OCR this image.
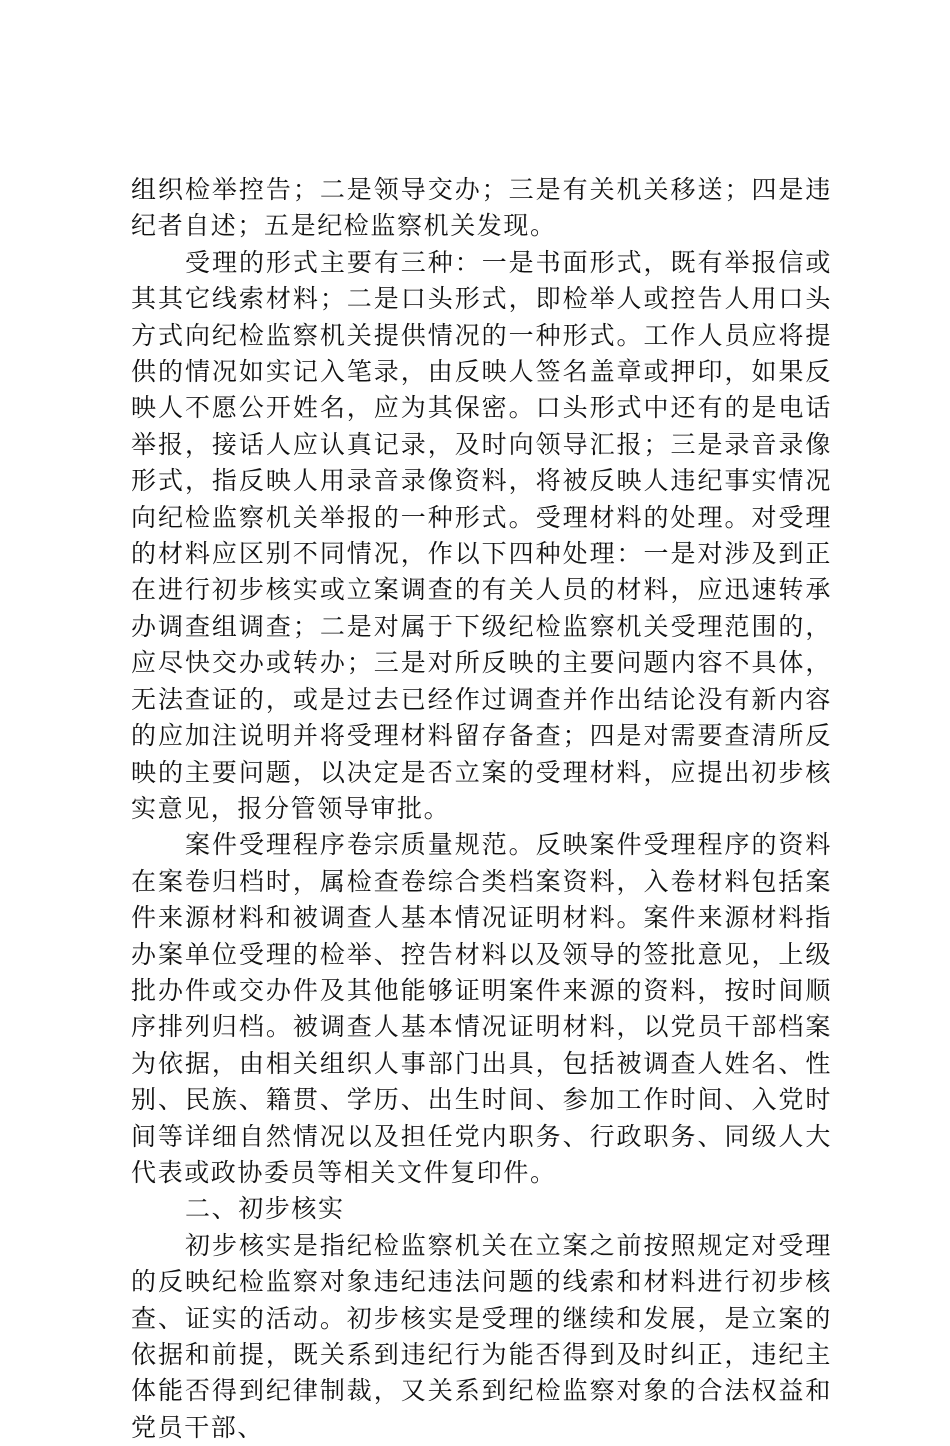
组织检举控告；二是领导交办；三是有关机关移送；四是违纪者自述；五是纪检监察机关发现。

受理的形式主要有三种：一是书面形式，既有举报信或其其它线索材料；二是口头形式，即检举人或控告人用口头方式向纪检监察机关提供情况的一种形式。工作人员应将提供的情况如实记入笔录，由反映人签名盖章或押印，如果反映人不愿公开姓名，应为其保密。口头形式中还有的是电话举报，接话人应认真记录，及时向领导汇报；三是录音录像形式，指反映人用录音录像资料，将被反映人违纪事实情况向纪检监察机关举报的一种形式。受理材料的处理。对受理的材料应区别不同情况，作以下四种处理：一是对涉及到正在进行初步核实或立案调查的有关人员的材料，应迅速转承办调查组调查；二是对属于下级纪检监察机关受理范围的，应尽快交办或转办；三是对所反映的主要问题内容不具体，无法查证的，或是过去已经作过调查并作出结论没有新内容的应加注说明并将受理材料留存备查；四是对需要查清所反映的主要问题，以决定是否立案的受理材料，应提出初步核实意见，报分管领导审批。

案件受理程序卷宗质量规范。反映案件受理程序的资料在案卷归档时，属检查卷综合类档案资料，入卷材料包括案件来源材料和被调查人基本情况证明材料。案件来源材料指办案单位受理的检举、控告材料以及领导的签批意见，上级批办件或交办件及其他能够证明案件来源的资料，按时间顺序排列归档。被调查人基本情况证明材料，以党员干部档案为依据，由相关组织人事部门出具，包括被调查人姓名、性别、民族、籍贯、学历、出生时间、参加工作时间、入党时间等详细自然情况以及担任党内职务、行政职务、同级人大代表或政协委员等相关文件复印件。

二、初步核实

初步核实是指纪检监察机关在立案之前按照规定对受理的反映纪检监察对象违纪违法问题的线索和材料进行初步核查、证实的活动。初步核实是受理的继续和发展，是立案的依据和前提，既关系到违纪行为能否得到及时纠正，违纪主体能否得到纪律制裁，又关系到纪检监察对象的合法权益和党员干部、
